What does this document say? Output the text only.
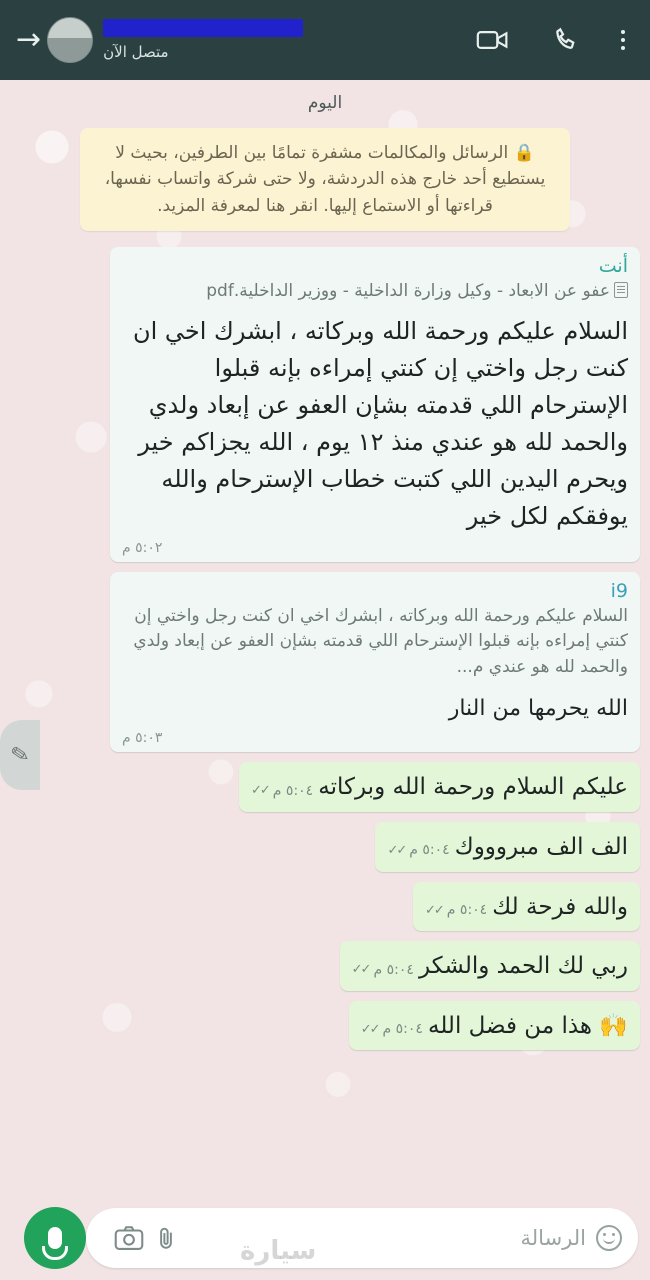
متصل الآن
→
اليوم
🔒 الرسائل والمكالمات مشفرة تمامًا بين الطرفين، بحيث لا يستطيع أحد خارج هذه الدردشة، ولا حتى شركة واتساب نفسها، قراءتها أو الاستماع إليها. انقر هنا لمعرفة المزيد.
أنت
عفو عن الابعاد - وكيل وزارة الداخلية - ووزير الداخلية.pdf
السلام عليكم ورحمة الله وبركاته ، ابشرك اخي ان كنت رجل واختي إن كنتي إمراءه بإنه قبلوا الإسترحام اللي قدمته بشإن العفو عن إبعاد ولدي والحمد لله هو عندي منذ ١٢ يوم ، الله يجزاكم خير ويحرم اليدين اللي كتبت خطاب الإسترحام والله يوفقكم لكل خير
٥:٠٢ م
i9
السلام عليكم ورحمة الله وبركاته ، ابشرك اخي ان كنت رجل واختي إن كنتي إمراءه بإنه قبلوا الإسترحام اللي قدمته بشإن العفو عن إبعاد ولدي والحمد لله هو عندي م...
الله يحرمها من النار
٥:٠٣ م
عليكم السلام ورحمة الله وبركاته
✓✓ ٥:٠٤ م
الف الف مبروووك
✓✓ ٥:٠٤ م
والله فرحة لك
✓✓ ٥:٠٤ م
ربي لك الحمد والشكر
✓✓ ٥:٠٤ م
🙌 هذا من فضل الله
✓✓ ٥:٠٤ م
✎
الرسالة
سيارة
